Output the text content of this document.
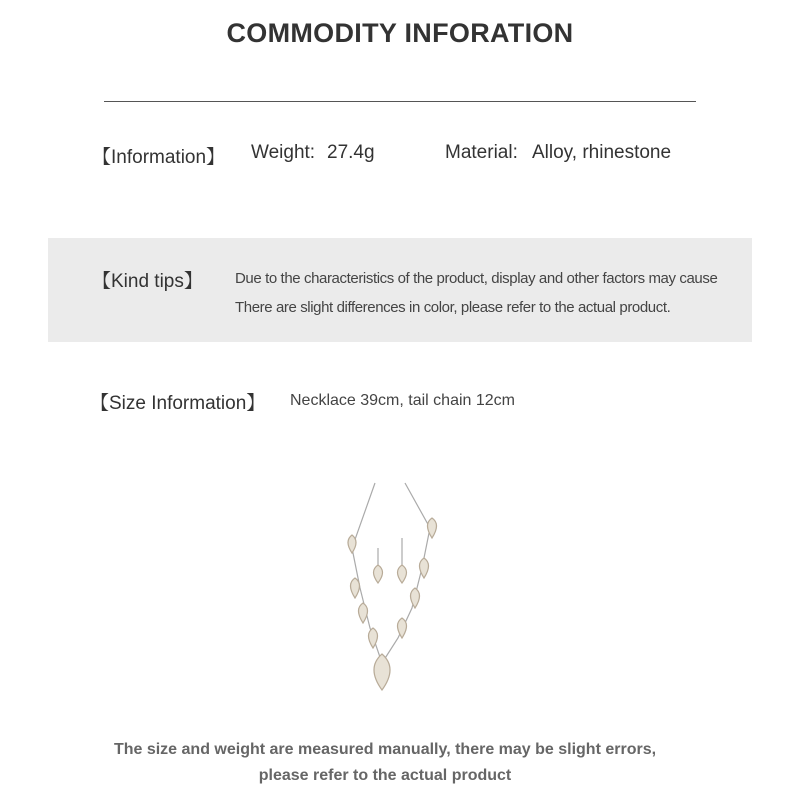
COMMODITY INFORATION
【Information】 Weight: 27.4g	Material: Alloy, rhinestone
【Kind tips】 Due to the characteristics of the product, display and other factors may cause
There are slight differences in color, please refer to the actual product.
【Size Information】 Necklace 39cm, tail chain 12cm
The size and weight are measured manually, there may be slight errors,
please refer to the actual product
